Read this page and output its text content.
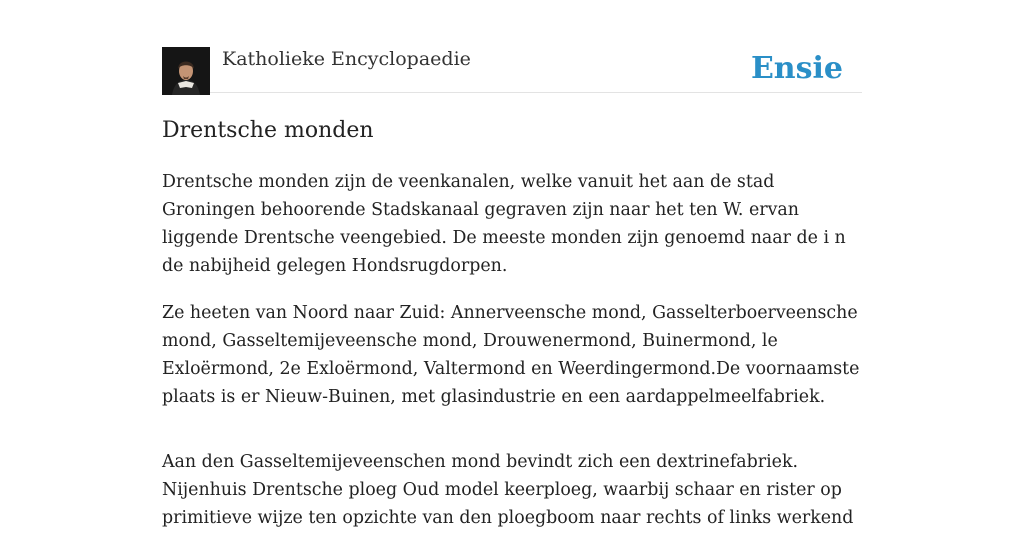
Katholieke Encyclopaedie	Ensie
Drentsche monden

Drentsche monden zijn de veenkanalen, welke vanuit het aan de stad Groningen behoorende Stadskanaal gegraven zijn naar het ten W. ervan liggende Drentsche veengebied. De meeste monden zijn genoemd naar de i n de nabijheid gelegen Hondsrugdorpen.

Ze heeten van Noord naar Zuid: Annerveensche mond, Gasselterboerveensche mond, Gasseltemijeveensche mond, Drouwenermond, Buinermond, le Exloërmond, 2e Exloërmond, Valtermond en Weerdingermond.De voornaamste plaats is er Nieuw-Buinen, met glasindustrie en een aardappelmeelfabriek.

Aan den Gasseltemijeveenschen mond bevindt zich een dextrinefabriek. Nijenhuis Drentsche ploeg Oud model keerploeg, waarbij schaar en rister op primitieve wijze ten opzichte van den ploegboom naar rechts of links werkend
